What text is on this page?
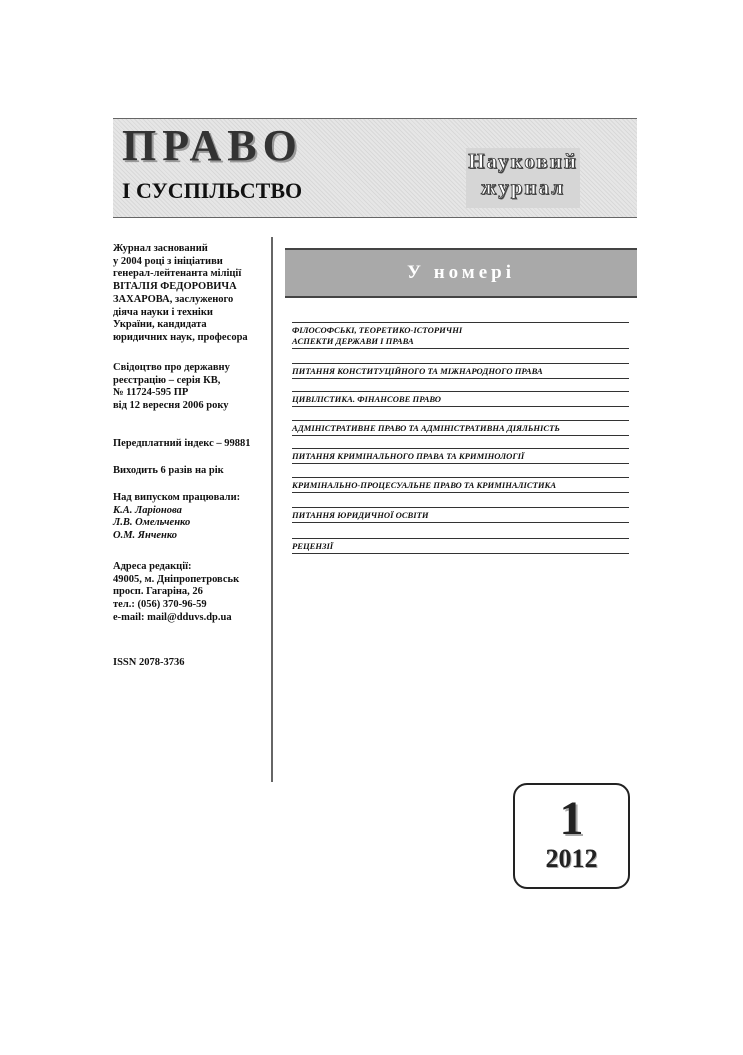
ПРАВО
І СУСПІЛЬСТВО
Науковий
журнал
Журнал заснований
у 2004 році з ініціативи
генерал-лейтенанта міліції
ВІТАЛІЯ ФЕДОРОВИЧА
ЗАХАРОВА, заслуженого
діяча науки і техніки
України, кандидата
юридичних наук, професора
Свідоцтво про державну
реєстрацію – серія КВ,
№ 11724-595 ПР
від 12 вересня 2006 року
Передплатний індекс – 99881
Виходить 6 разів на рік
Над випуском працювали:
К.А. Ларіонова
Л.В. Омельченко
О.М. Янченко
Адреса редакції:
49005, м. Дніпропетровськ
просп. Гагаріна, 26
тел.: (056) 370-96-59
e-mail: mail@dduvs.dp.ua
ISSN 2078-3736
У номері
ФІЛОСОФСЬКІ, ТЕОРЕТИКО-ІСТОРИЧНІ
АСПЕКТИ ДЕРЖАВИ І ПРАВА
ПИТАННЯ КОНСТИТУЦІЙНОГО ТА МІЖНАРОДНОГО ПРАВА
ЦИВІЛІСТИКА. ФІНАНСОВЕ ПРАВО
АДМІНІСТРАТИВНЕ ПРАВО ТА АДМІНІСТРАТИВНА ДІЯЛЬНІСТЬ
ПИТАННЯ КРИМІНАЛЬНОГО ПРАВА ТА КРИМІНОЛОГІЇ
КРИМІНАЛЬНО-ПРОЦЕСУАЛЬНЕ ПРАВО ТА КРИМІНАЛІСТИКА
ПИТАННЯ ЮРИДИЧНОЇ ОСВІТИ
РЕЦЕНЗІЇ
1
2012
